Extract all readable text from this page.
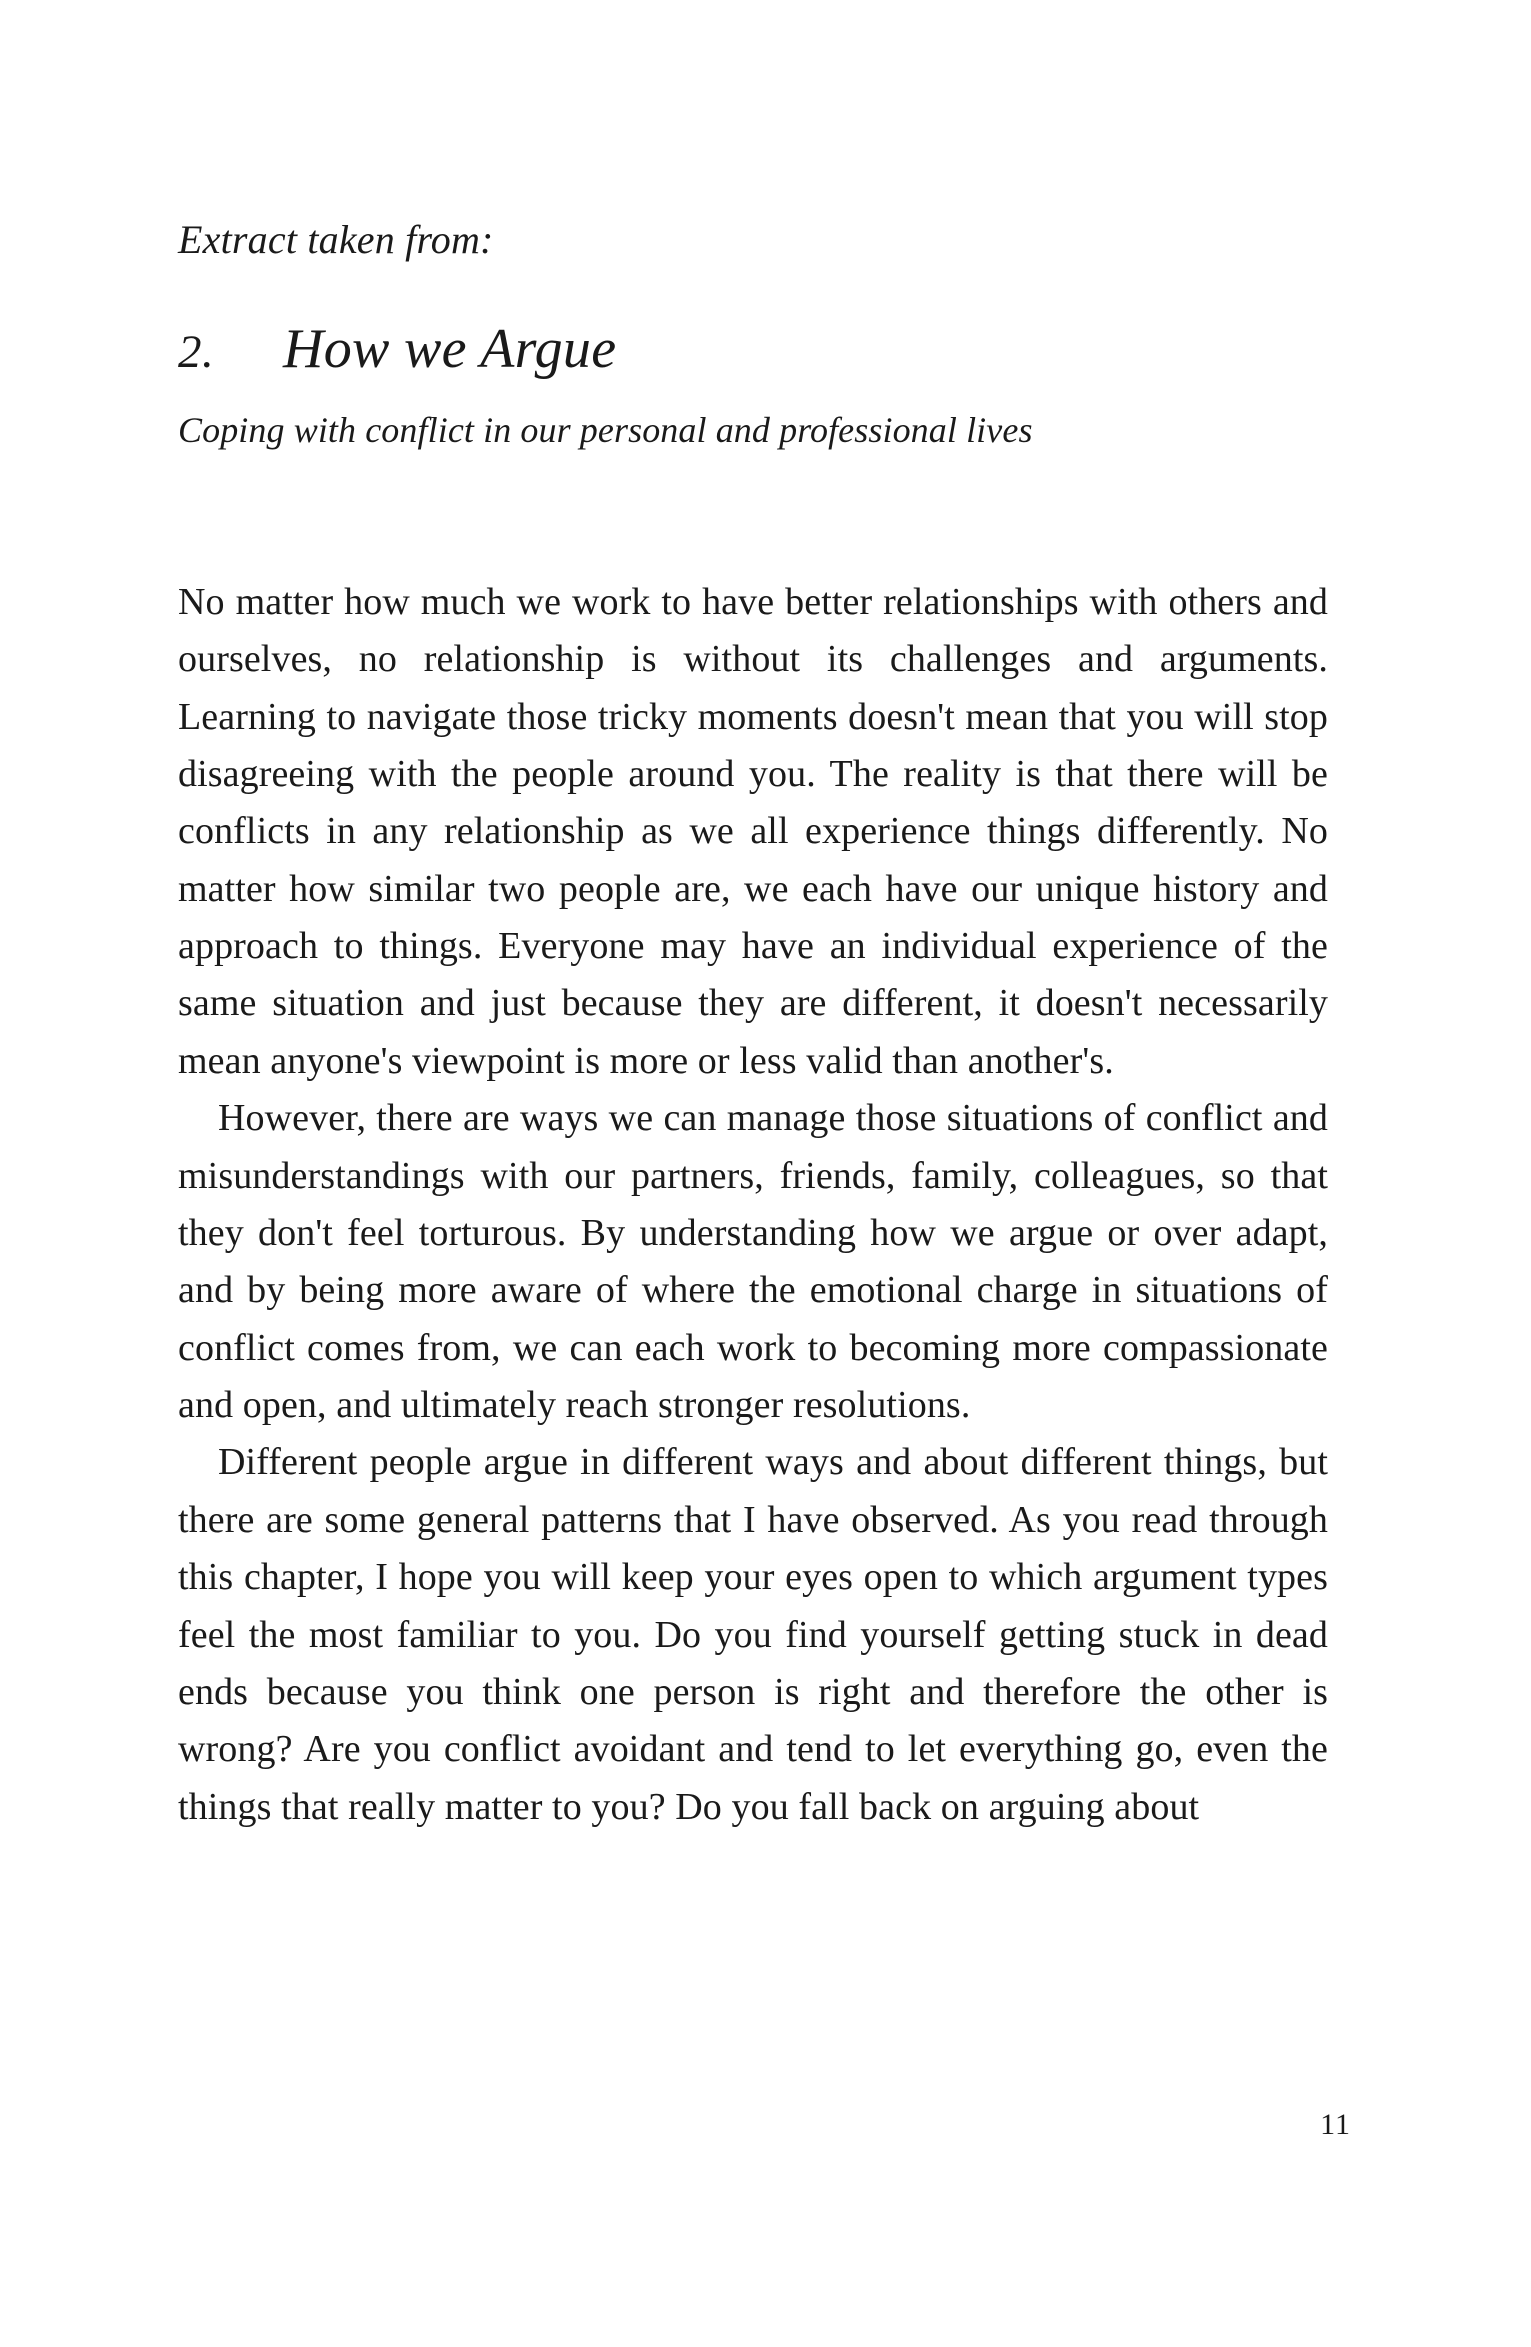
Extract taken from:
2.	How we Argue
Coping with conflict in our personal and professional lives

No matter how much we work to have better relationships with others and ourselves, no relationship is without its challenges and arguments. Learning to navigate those tricky moments doesn't mean that you will stop disagreeing with the people around you. The reality is that there will be conflicts in any relationship as we all experience things differently. No matter how similar two people are, we each have our unique history and approach to things. Everyone may have an individual experience of the same situation and just because they are different, it doesn't necessarily mean anyone's viewpoint is more or less valid than another's.

However, there are ways we can manage those situations of conflict and misunderstandings with our partners, friends, family, colleagues, so that they don't feel torturous. By understanding how we argue or over adapt, and by being more aware of where the emotional charge in situations of conflict comes from, we can each work to becoming more compassionate and open, and ultimately reach stronger resolutions.

Different people argue in different ways and about different things, but there are some general patterns that I have observed. As you read through this chapter, I hope you will keep your eyes open to which argument types feel the most familiar to you. Do you find yourself getting stuck in dead ends because you think one person is right and therefore the other is wrong? Are you conflict avoidant and tend to let everything go, even the things that really matter to you? Do you fall back on arguing about

11
